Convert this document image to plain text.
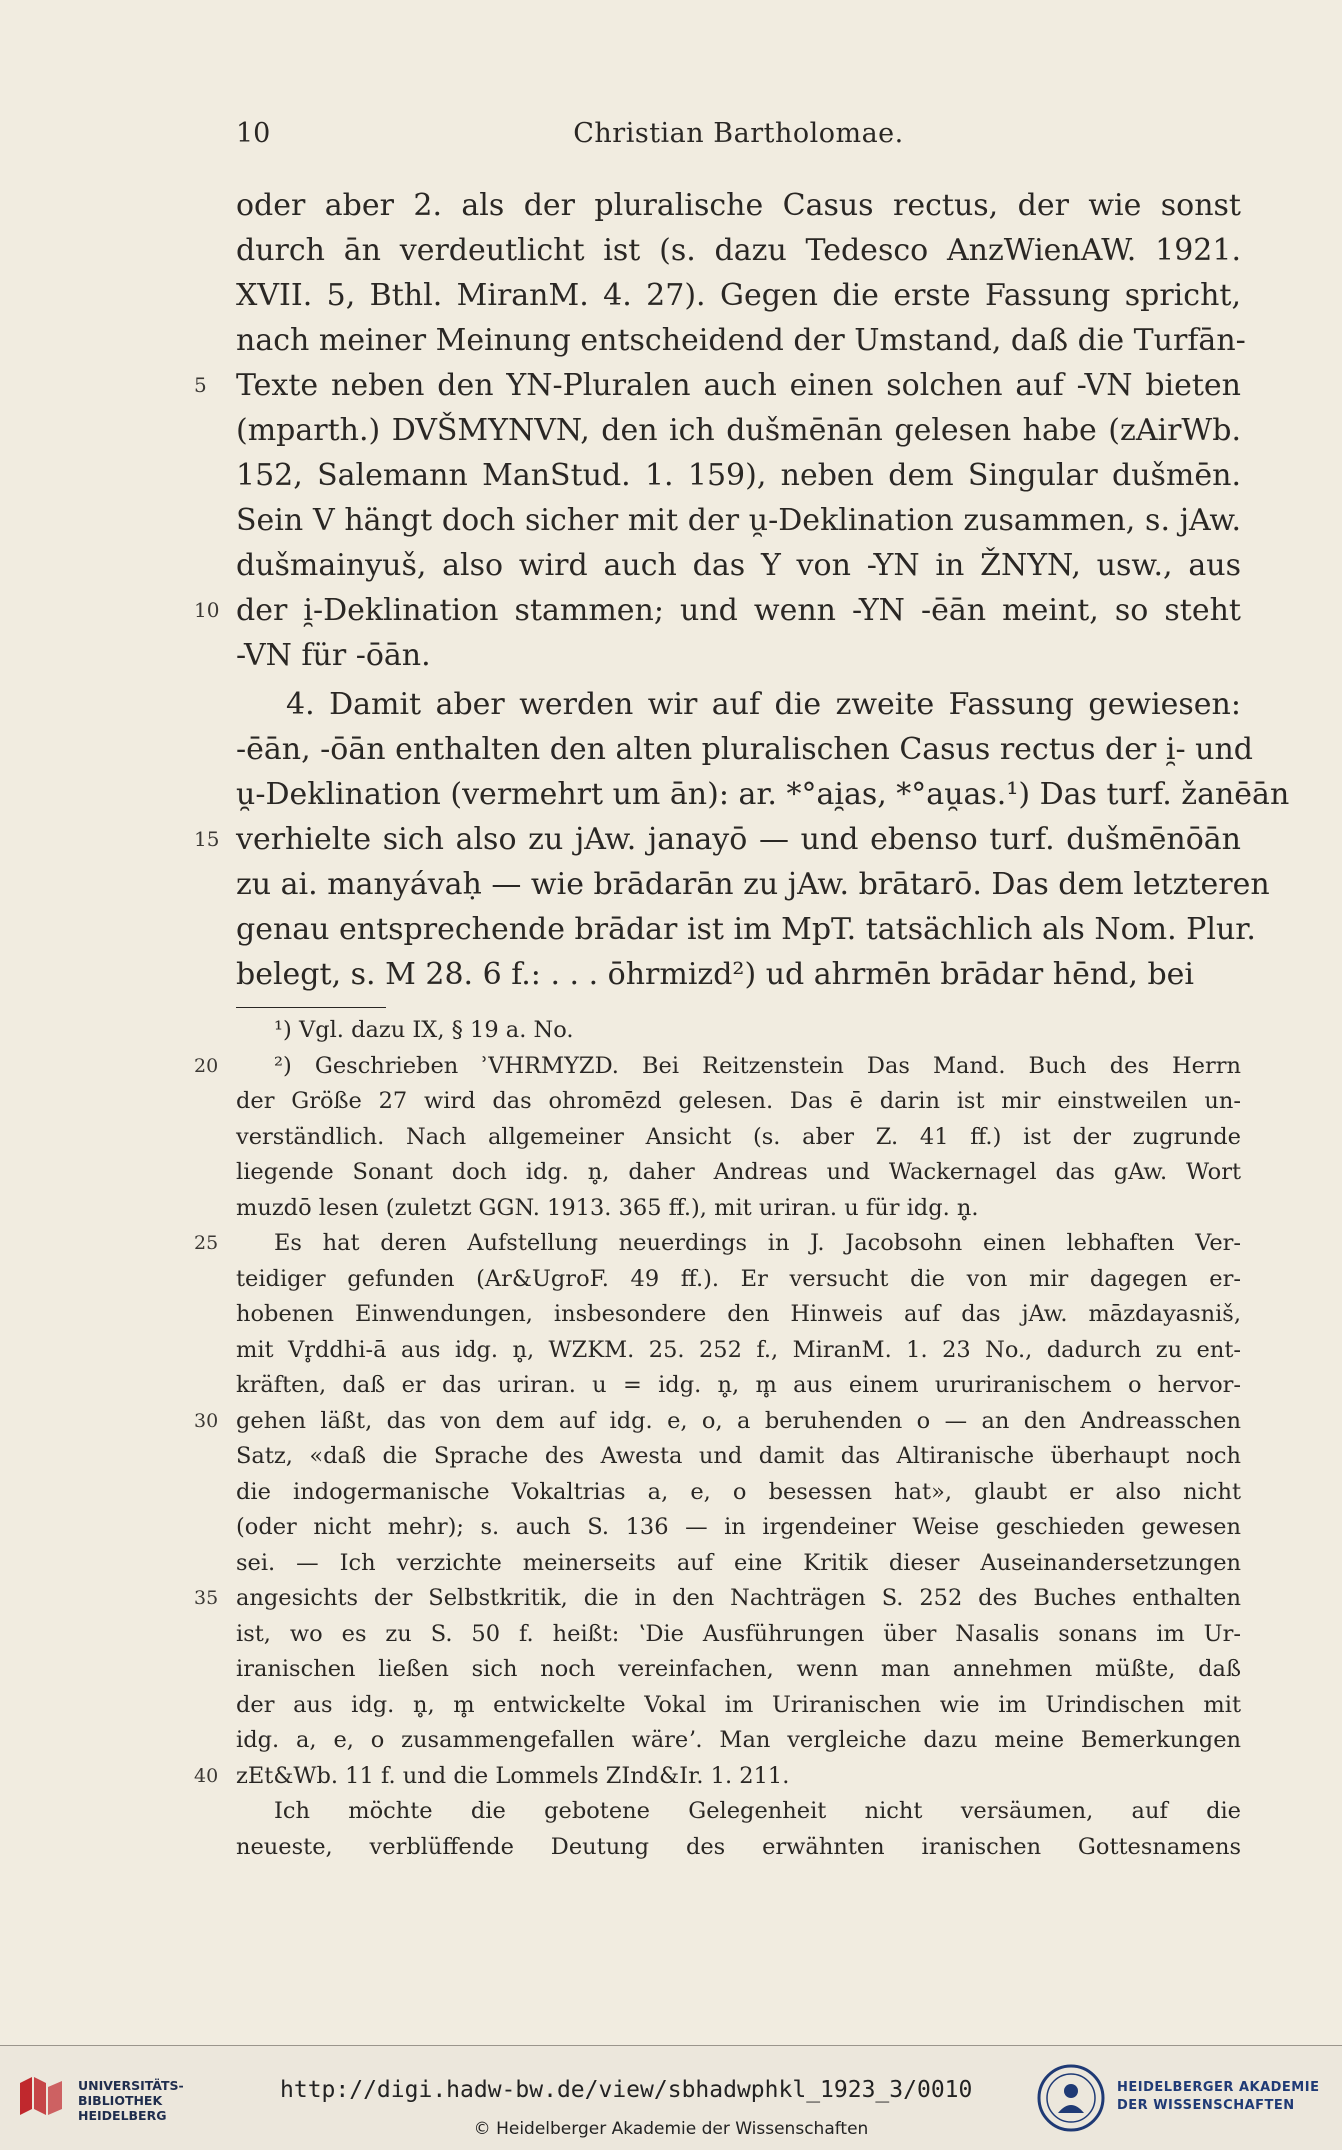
10	Christian Bartholomae.
oder aber 2. als der pluralische Casus rectus, der wie sonst
durch ān verdeutlicht ist (s. dazu Tedesco AnzWienAW. 1921.
XVII. 5, Bthl. MiranM. 4. 27). Gegen die erste Fassung spricht,
nach meiner Meinung entscheidend der Umstand, daß die Turfān-
5 Texte neben den YN-Pluralen auch einen solchen auf -VN bieten
(mparth.) DVŠMYNVN, den ich dušmēnān gelesen habe (zAirWb.
152, Salemann ManStud. 1. 159), neben dem Singular dušmēn.
Sein V hängt doch sicher mit der u̯-Deklination zusammen, s. jAw.
dušmainyuš, also wird auch das Y von -YN in ŽNYN, usw., aus
10 der i̯-Deklination stammen; und wenn -YN -ēān meint, so steht
-VN für -ōān.
4. Damit aber werden wir auf die zweite Fassung gewiesen:
-ēān, -ōān enthalten den alten pluralischen Casus rectus der i̯- und
u̯-Deklination (vermehrt um ān): ar. *°ai̯as, *°au̯as.¹) Das turf. žanēān
15 verhielte sich also zu jAw. janayō — und ebenso turf. dušmēnōān
zu ai. manyávaḥ — wie brādarān zu jAw. brātarō. Das dem letzteren
genau entsprechende brādar ist im MpT. tatsächlich als Nom. Plur.
belegt, s. M 28. 6 f.: . . . ōhrmizd²) ud ahrmēn brādar hēnd, bei
¹) Vgl. dazu IX, § 19 a. No.
20 ²) Geschrieben ʾVHRMYZD. Bei Reitzenstein Das Mand. Buch des Herrn
der Größe 27 wird das ohromēzd gelesen. Das ē darin ist mir einstweilen un-
verständlich. Nach allgemeiner Ansicht (s. aber Z. 41 ff.) ist der zugrunde
liegende Sonant doch idg. n̥, daher Andreas und Wackernagel das gAw. Wort
muzdō lesen (zuletzt GGN. 1913. 365 ff.), mit uriran. u für idg. n̥.
25 Es hat deren Aufstellung neuerdings in J. Jacobsohn einen lebhaften Ver-
teidiger gefunden (Ar&UgroF. 49 ff.). Er versucht die von mir dagegen er-
hobenen Einwendungen, insbesondere den Hinweis auf das jAw. māzdayasniš,
mit Vr̥ddhi-ā aus idg. n̥, WZKM. 25. 252 f., MiranM. 1. 23 No., dadurch zu ent-
kräften, daß er das uriran. u = idg. n̥, m̥ aus einem ururiranischem o hervor-
30 gehen läßt, das von dem auf idg. e, o, a beruhenden o — an den Andreasschen
Satz, «daß die Sprache des Awesta und damit das Altiranische überhaupt noch
die indogermanische Vokaltrias a, e, o besessen hat», glaubt er also nicht
(oder nicht mehr); s. auch S. 136 — in irgendeiner Weise geschieden gewesen
sei. — Ich verzichte meinerseits auf eine Kritik dieser Auseinandersetzungen
35 angesichts der Selbstkritik, die in den Nachträgen S. 252 des Buches enthalten
ist, wo es zu S. 50 f. heißt: ʽDie Ausführungen über Nasalis sonans im Ur-
iranischen ließen sich noch vereinfachen, wenn man annehmen müßte, daß
der aus idg. n̥, m̥ entwickelte Vokal im Uriranischen wie im Urindischen mit
idg. a, e, o zusammengefallen wäreʼ. Man vergleiche dazu meine Bemerkungen
40 zEt&Wb. 11 f. und die Lommels ZInd&Ir. 1. 211.
Ich möchte die gebotene Gelegenheit nicht versäumen, auf die
neueste, verblüffende Deutung des erwähnten iranischen Gottesnamens
UNIVERSITÄTS-
BIBLIOTHEK
HEIDELBERG
http://digi.hadw-bw.de/view/sbhadwphkl_1923_3/0010
© Heidelberger Akademie der Wissenschaften
HEIDELBERGER AKADEMIE
DER WISSENSCHAFTEN
